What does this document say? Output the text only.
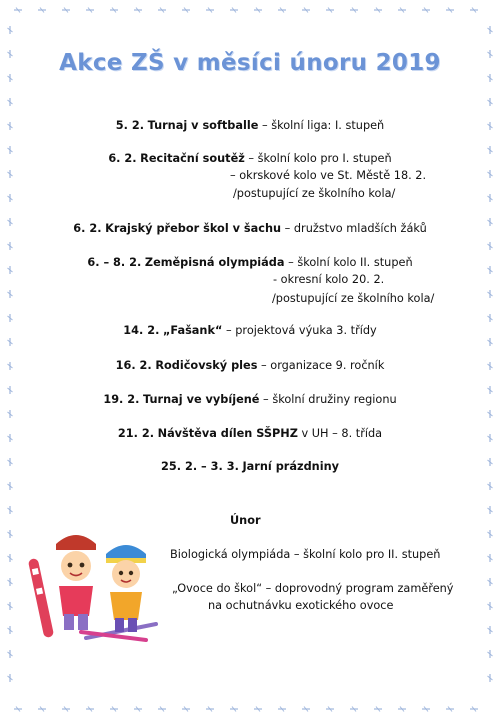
Akce ZŠ v měsíci únoru 2019
5. 2. Turnaj v softballe – školní liga: I. stupeň
6. 2. Recitační soutěž – školní kolo pro I. stupeň
– okrskové kolo ve St. Městě 18. 2.
/postupující ze školního kola/
6. 2. Krajský přebor škol v šachu – družstvo mladších žáků
6. – 8. 2. Zeměpisná olympiáda – školní kolo II. stupeň
- okresní kolo 20. 2.
/postupující ze školního kola/
14. 2. „Fašank“ – projektová výuka 3. třídy
16. 2. Rodičovský ples – organizace 9. ročník
19. 2. Turnaj ve vybíjené – školní družiny regionu
21. 2. Návštěva dílen SŠPHZ v UH – 8. třída
25. 2. – 3. 3. Jarní prázdniny
Únor
Biologická olympiáda – školní kolo pro II. stupeň
„Ovoce do škol“ – doprovodný program zaměřený
na ochutnávku exotického ovoce
